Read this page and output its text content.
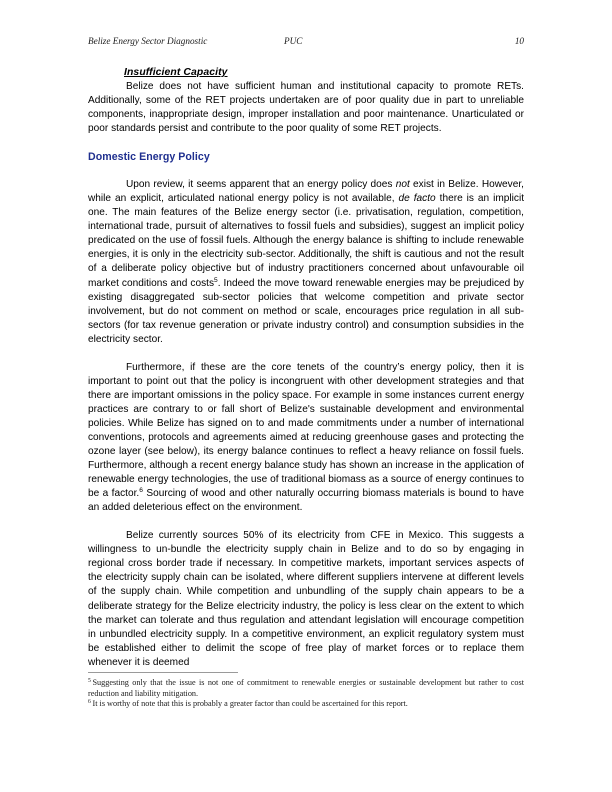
Belize Energy Sector Diagnostic	PUC	10
Insufficient Capacity

Belize does not have sufficient human and institutional capacity to promote RETs. Additionally, some of the RET projects undertaken are of poor quality due in part to unreliable components, inappropriate design, improper installation and poor maintenance. Unarticulated or poor standards persist and contribute to the poor quality of some RET projects.

Domestic Energy Policy

Upon review, it seems apparent that an energy policy does not exist in Belize. However, while an explicit, articulated national energy policy is not available, de facto there is an implicit one. The main features of the Belize energy sector (i.e. privatisation, regulation, competition, international trade, pursuit of alternatives to fossil fuels and subsidies), suggest an implicit policy predicated on the use of fossil fuels. Although the energy balance is shifting to include renewable energies, it is only in the electricity sub-sector. Additionally, the shift is cautious and not the result of a deliberate policy objective but of industry practitioners concerned about unfavourable oil market conditions and costs$^5$. Indeed the move toward renewable energies may be prejudiced by existing disaggregated sub-sector policies that welcome competition and private sector involvement, but do not comment on method or scale, encourages price regulation in all sub-sectors (for tax revenue generation or private industry control) and consumption subsidies in the electricity sector.

Furthermore, if these are the core tenets of the country’s energy policy, then it is important to point out that the policy is incongruent with other development strategies and that there are important omissions in the policy space. For example in some instances current energy practices are contrary to or fall short of Belize's sustainable development and environmental policies. While Belize has signed on to and made commitments under a number of international conventions, protocols and agreements aimed at reducing greenhouse gases and protecting the ozone layer (see below), its energy balance continues to reflect a heavy reliance on fossil fuels. Furthermore, although a recent energy balance study has shown an increase in the application of renewable energy technologies, the use of traditional biomass as a source of energy continues to be a factor.$^6$ Sourcing of wood and other naturally occurring biomass materials is bound to have an added deleterious effect on the environment.

Belize currently sources 50% of its electricity from CFE in Mexico. This suggests a willingness to un-bundle the electricity supply chain in Belize and to do so by engaging in regional cross border trade if necessary. In competitive markets, important services aspects of the electricity supply chain can be isolated, where different suppliers intervene at different levels of the supply chain. While competition and unbundling of the supply chain appears to be a deliberate strategy for the Belize electricity industry, the policy is less clear on the extent to which the market can tolerate and thus regulation and attendant legislation will encourage competition in unbundled electricity supply. In a competitive environment, an explicit regulatory system must be established either to delimit the scope of free play of market forces or to replace them whenever it is deemed

$^5$ Suggesting only that the issue is not one of commitment to renewable energies or sustainable development but rather to cost reduction and liability mitigation.

$^6$ It is worthy of note that this is probably a greater factor than could be ascertained for this report.
